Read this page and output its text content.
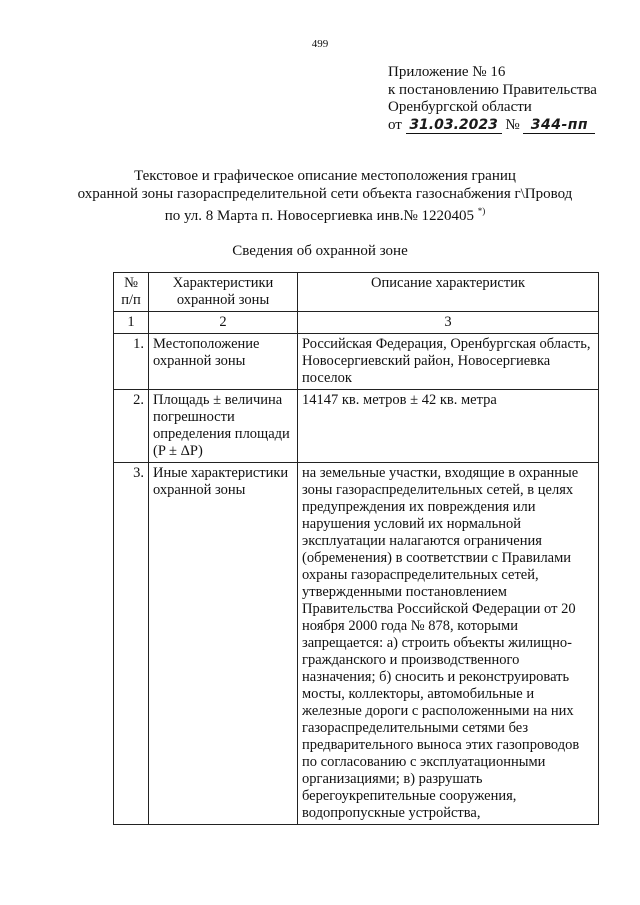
499
Приложение № 16
к постановлению Правительства
Оренбургской области
от 31.03.2023 № 344-пп
Текстовое и графическое описание местоположения границ
охранной зоны газораспределительной сети объекта газоснабжения г\Провод
по ул. 8 Марта п. Новосергиевка инв.№ 1220405 *)
Сведения об охранной зоне
№ п/п	Характеристики охранной зоны	Описание характеристик
1	2	3
1.	Местоположение охранной зоны	Российская Федерация, Оренбургская область, Новосергиевский район, Новосергиевка поселок
2.	Площадь ± величина погрешности определения площади (P ± ΔP)	14147 кв. метров ± 42 кв. метра
3.	Иные характеристики охранной зоны	на земельные участки, входящие в охранные зоны газораспределительных сетей, в целях предупреждения их повреждения или нарушения условий их нормальной эксплуатации налагаются ограничения (обременения) в соответствии с Правилами охраны газораспределительных сетей, утвержденными постановлением Правительства Российской Федерации от 20 ноября 2000 года № 878, которыми запрещается: а) строить объекты жилищно-гражданского и производственного назначения; б) сносить и реконструировать мосты, коллекторы, автомобильные и железные дороги с расположенными на них газораспределительными сетями без предварительного выноса этих газопроводов по согласованию с эксплуатационными организациями; в) разрушать берегоукрепительные сооружения, водопропускные устройства,
